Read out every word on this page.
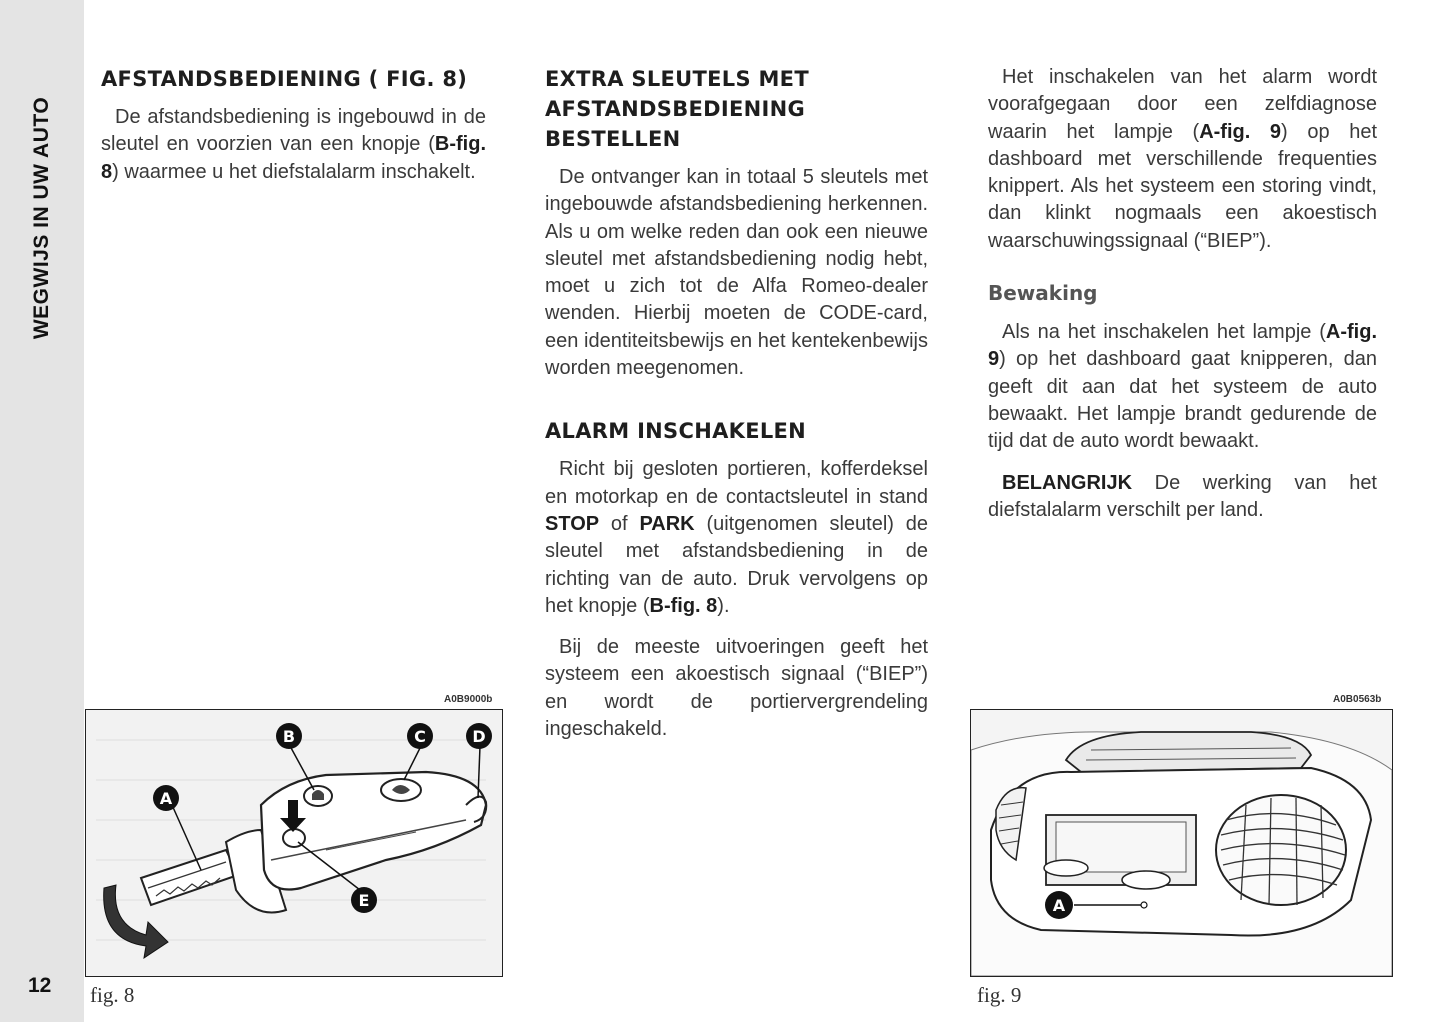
WEGWIJS IN UW AUTO
12
AFSTANDSBEDIENING ( FIG. 8)

De afstandsbediening is ingebouwd in de sleutel en voorzien van een knopje (B-fig. 8) waarmee u het diefstalalarm inschakelt.

EXTRA SLEUTELS MET AFSTANDSBEDIENING BESTELLEN

De ontvanger kan in totaal 5 sleutels met ingebouwde afstandsbediening herkennen. Als u om welke reden dan ook een nieuwe sleutel met afstandsbediening nodig hebt, moet u zich tot de Alfa Romeo-dealer wenden. Hierbij moeten de CODE-card, een identiteitsbewijs en het kentekenbewijs worden meegenomen.

ALARM INSCHAKELEN

Richt bij gesloten portieren, kofferdeksel en motorkap en de contactsleutel in stand STOP of PARK (uitgenomen sleutel) de sleutel met afstandsbediening in de richting van de auto. Druk vervolgens op het knopje (B-fig. 8).

Bij de meeste uitvoeringen geeft het systeem een akoestisch signaal (“BIEP”) en wordt de portiervergrendeling ingeschakeld.

Het inschakelen van het alarm wordt voorafgegaan door een zelfdiagnose waarin het lampje (A-fig. 9) op het dashboard met verschillende frequenties knippert. Als het systeem een storing vindt, dan klinkt nogmaals een akoestisch waarschuwingssignaal (“BIEP”).

Bewaking

Als na het inschakelen het lampje (A-fig. 9) op het dashboard gaat knipperen, dan geeft dit aan dat het systeem de auto bewaakt. Het lampje brandt gedurende de tijd dat de auto wordt bewaakt.

BELANGRIJK De werking van het diefstalalarm verschilt per land.

A0B9000b
A
B	C	D
E
fig. 8
A0B0563b
A
fig. 9
